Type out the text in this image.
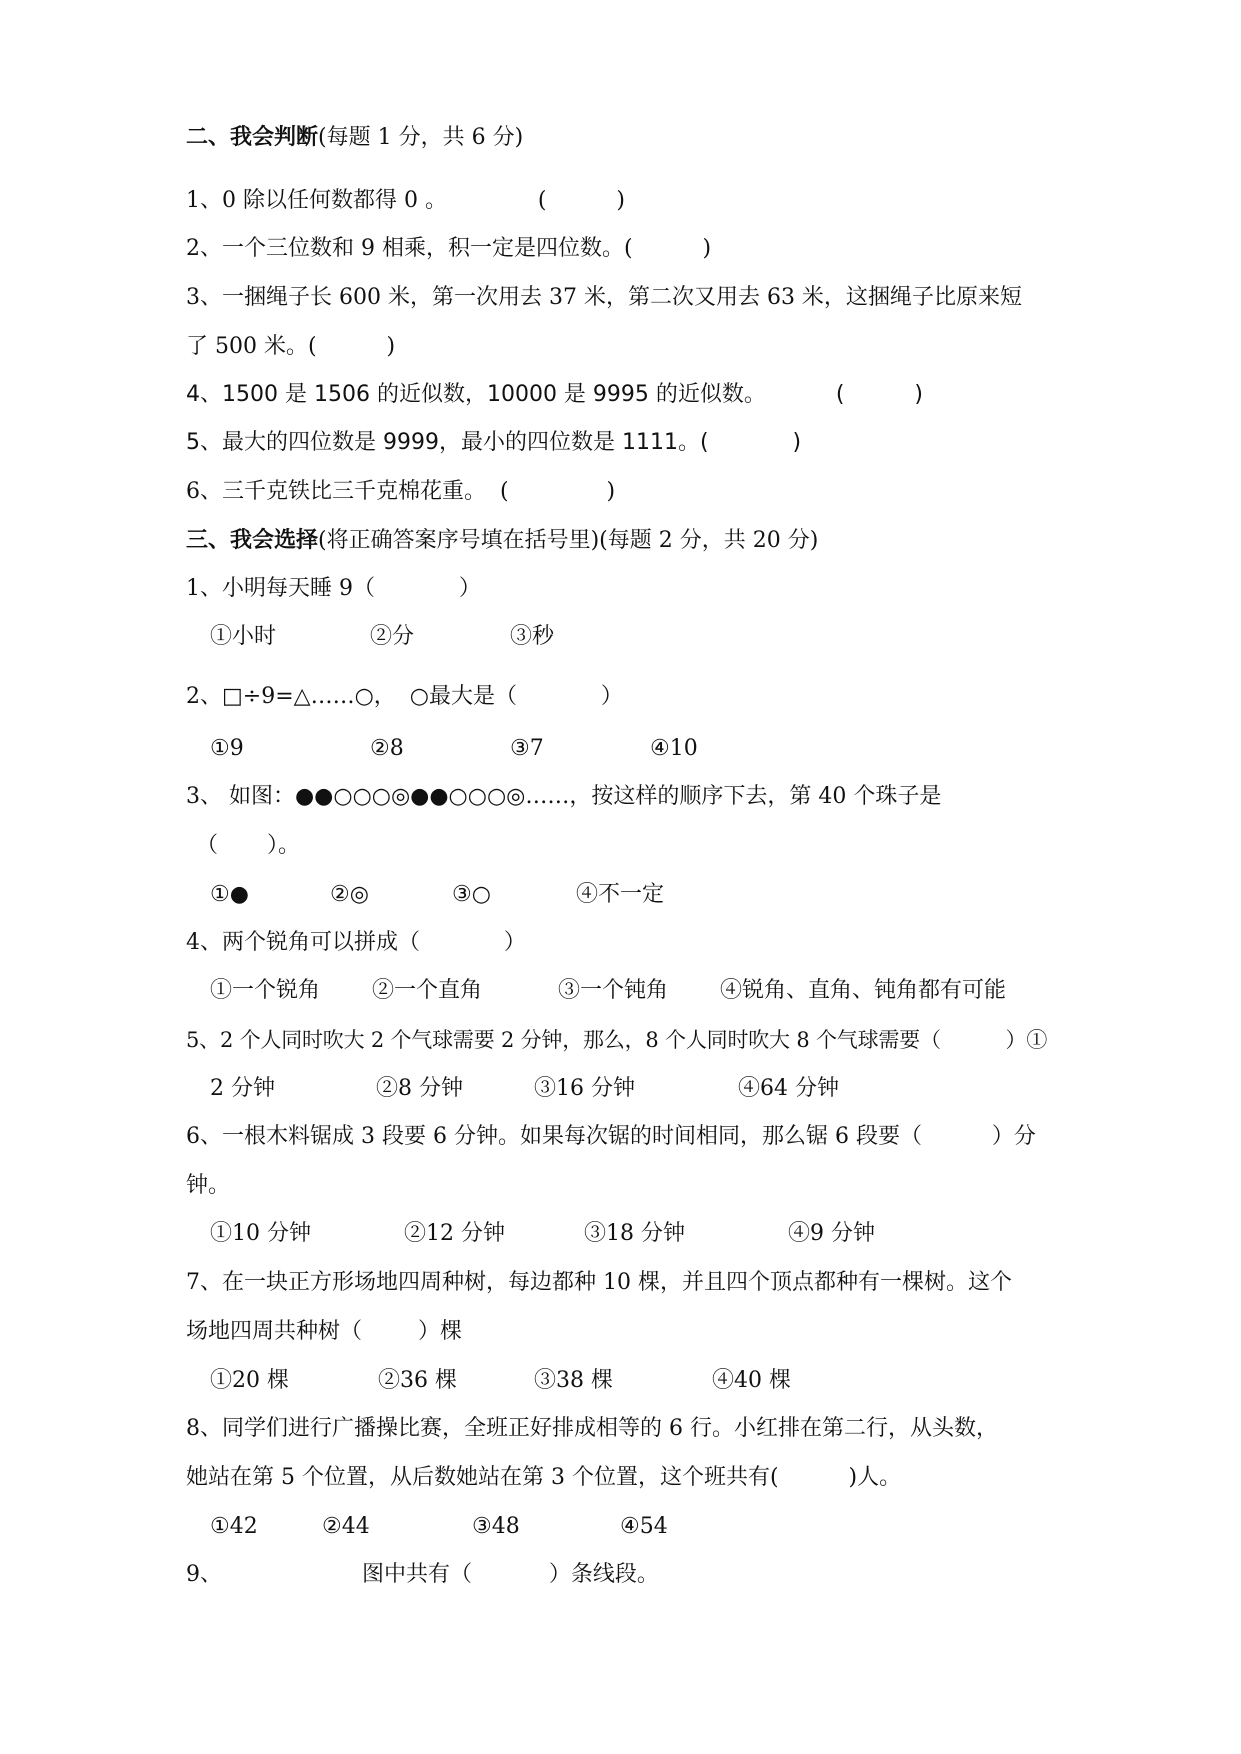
二、我会判断(每题 1 分，共 6 分)
1、0 除以任何数都得 0 。             (          )
2、一个三位数和 9 相乘，积一定是四位数。(          )
3、一捆绳子长 600 米，第一次用去 37 米，第二次又用去 63 米，这捆绳子比原来短
了 500 米。(          )
4、1500 是 1506 的近似数，10000 是 9995 的近似数。          (          )
5、最大的四位数是 9999，最小的四位数是 1111。(            )
6、三千克铁比三千克棉花重。  (              )
三、我会选择(将正确答案序号填在括号里)(每题 2 分，共 20 分)
1、小明每天睡 9（            ）
①小时	②分	③秒
2、□÷9=△……○，  ○最大是（            ）
①9	②8	③7	④10
3、 如图：●●○○○◎●●○○○◎……，按这样的顺序下去，第 40 个珠子是
（       ）。
①●	②◎	③○	④不一定
4、两个锐角可以拼成（            ）
①一个锐角 ②一个直角	③一个钝角 ④锐角、直角、钝角都有可能
5、2 个人同时吹大 2 个气球需要 2 分钟，那么，8 个人同时吹大 8 个气球需要（          ）①
2 分钟	②8 分钟	③16 分钟	④64 分钟
6、一根木料锯成 3 段要 6 分钟。如果每次锯的时间相同，那么锯 6 段要（          ）分
钟。
①10 分钟	②12 分钟	③18 分钟	④9 分钟
7、在一块正方形场地四周种树，每边都种 10 棵，并且四个顶点都种有一棵树。这个
场地四周共种树（        ）棵
①20 棵	②36 棵	③38 棵	④40 棵
8、同学们进行广播操比赛，全班正好排成相等的 6 行。小红排在第二行，从头数，
她站在第 5 个位置，从后数她站在第 3 个位置，这个班共有(          )人。
①42	②44	③48	④54
9、	图中共有（           ）条线段。
